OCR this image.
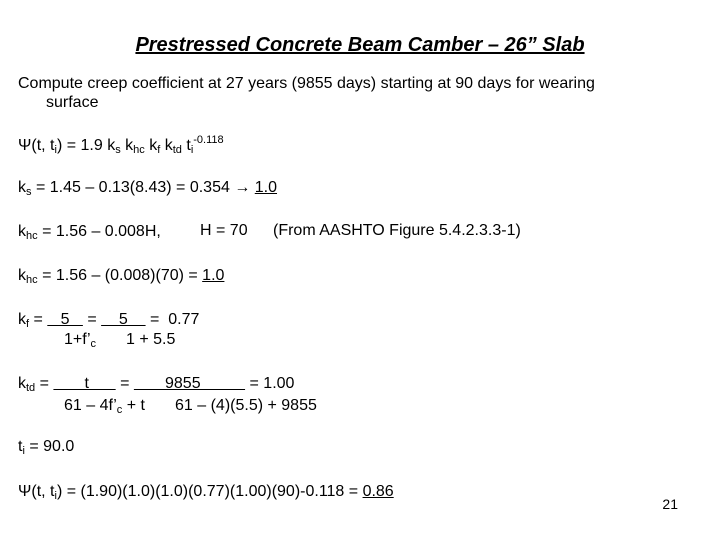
Prestressed Concrete Beam Camber – 26” Slab
Compute creep coefficient at 27 years (9855 days) starting at 90 days for wearing
surface
Ψ(t, $t_i) = 1.9$ $k_s$ $k_{hc}$ $k_f$ $k_{td}$ $t_i^{-0.118}$
$k_s = 1.45 - 0.13(8.43) = 0.354 \to 1.0$
$k_{hc} = 1.56 - 0.008H$, H = 70 (From AASHTO Figure 5.4.2.3.3-1)
$k_{hc} = 1.56 - (0.008)(70) = 1.0$
$k_f$ =    5    =     5     =  0.77
$1+f’_c$ 1 + 5.5
$k_{td}$ =        t       =        9855           = 1.00
$61 - 4f’_c + t$ 61 – (4)(5.5) + 9855
$t_i = 90.0$
Ψ(t, $t_i) = (1.90)(1.0)(1.0)(0.77)(1.00)(90)-0.118 = 0.86$
21
